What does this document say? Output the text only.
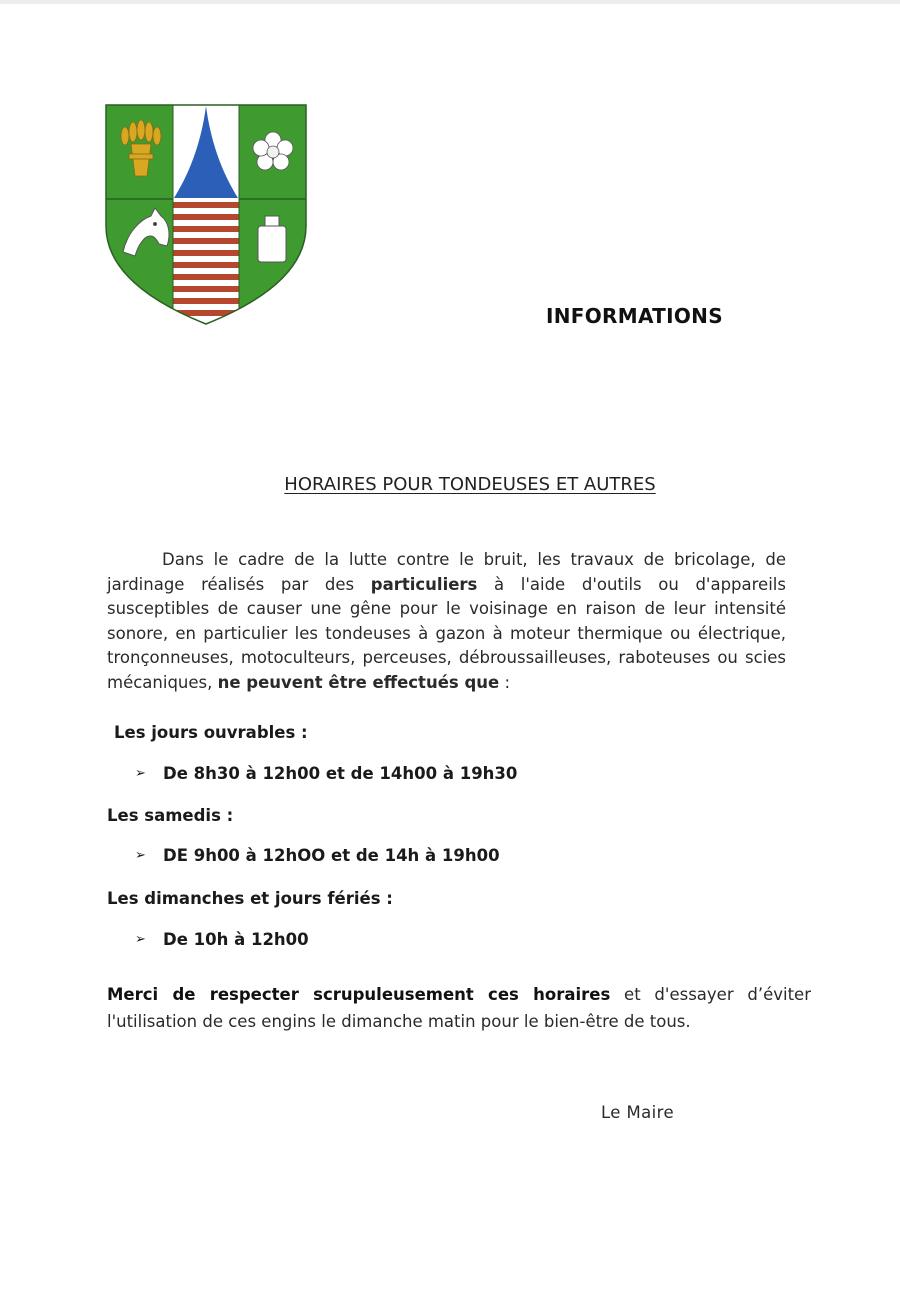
INFORMATIONS
HORAIRES POUR TONDEUSES ET AUTRES
Dans le cadre de la lutte contre le bruit, les travaux de bricolage, de jardinage réalisés par des particuliers à l'aide d'outils ou d'appareils susceptibles de causer une gêne pour le voisinage en raison de leur intensité sonore, en particulier les tondeuses à gazon à moteur thermique ou électrique, tronçonneuses, motoculteurs, perceuses, débroussailleuses, raboteuses ou scies mécaniques, ne peuvent être effectués que :
Les jours ouvrables :
➢	De 8h30 à 12h00 et de 14h00 à 19h30
Les samedis :
➢	DE 9h00 à 12hOO et de 14h à 19h00
Les dimanches et jours fériés :
➢	De 10h à 12h00
Merci de respecter scrupuleusement ces horaires et d'essayer d’éviter l'utilisation de ces engins le dimanche matin pour le bien-être de tous.
Le Maire
